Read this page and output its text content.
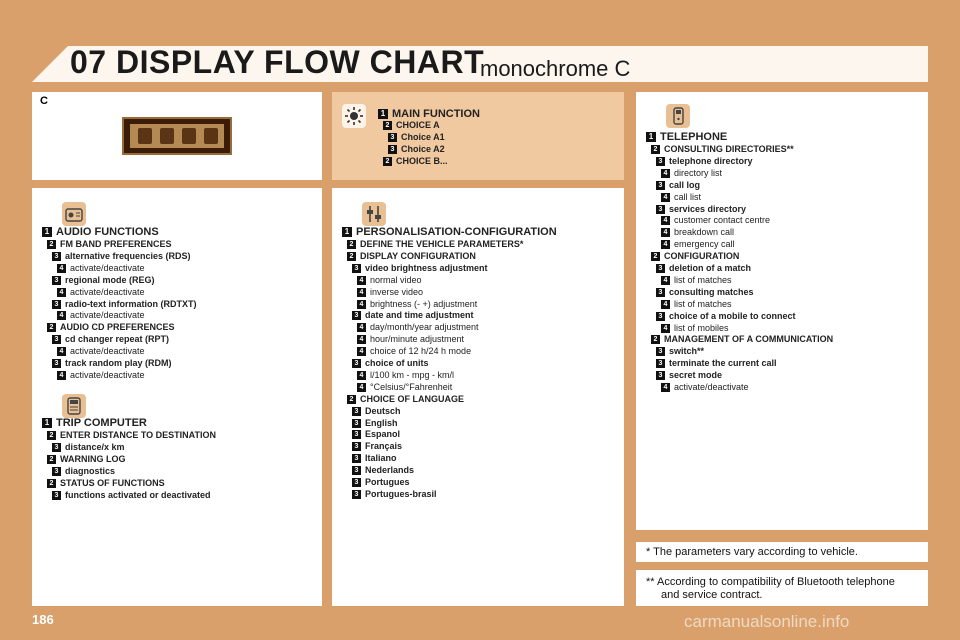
07 DISPLAY FLOW CHART
monochrome C
C
1 MAIN FUNCTION
2 CHOICE A
3 Choice A1
3 Choice A2
2 CHOICE B...
1 AUDIO FUNCTIONS
2 FM BAND PREFERENCES
3 alternative frequencies (RDS)
4 activate/deactivate
3 regional mode (REG)
4 activate/deactivate
3 radio-text information (RDTXT)
4 activate/deactivate
2 AUDIO CD PREFERENCES
3 cd changer repeat (RPT)
4 activate/deactivate
3 track random play (RDM)
4 activate/deactivate
1 TRIP COMPUTER
2 ENTER DISTANCE TO DESTINATION
3 distance/x km
2 WARNING LOG
3 diagnostics
2 STATUS OF FUNCTIONS
3 functions activated or deactivated
1 PERSONALISATION-CONFIGURATION
2 DEFINE THE VEHICLE PARAMETERS*
2 DISPLAY CONFIGURATION
3 video brightness adjustment
4 normal video
4 inverse video
4 brightness (- +) adjustment
3 date and time adjustment
4 day/month/year adjustment
4 hour/minute adjustment
4 choice of 12 h/24 h mode
3 choice of units
4 l/100 km - mpg - km/l
4 °Celsius/°Fahrenheit
2 CHOICE OF LANGUAGE
3 Deutsch
3 English
3 Espanol
3 Français
3 Italiano
3 Nederlands
3 Portugues
3 Portugues-brasil
1 TELEPHONE
2 CONSULTING DIRECTORIES**
3 telephone directory
4 directory list
3 call log
4 call list
3 services directory
4 customer contact centre
4 breakdown call
4 emergency call
2 CONFIGURATION
3 deletion of a match
4 list of matches
3 consulting matches
4 list of matches
3 choice of a mobile to connect
4 list of mobiles
2 MANAGEMENT OF A COMMUNICATION
3 switch**
3 terminate the current call
3 secret mode
4 activate/deactivate
* The parameters vary according to vehicle.
** According to compatibility of Bluetooth telephone
and service contract.
186	carmanualsonline.info
